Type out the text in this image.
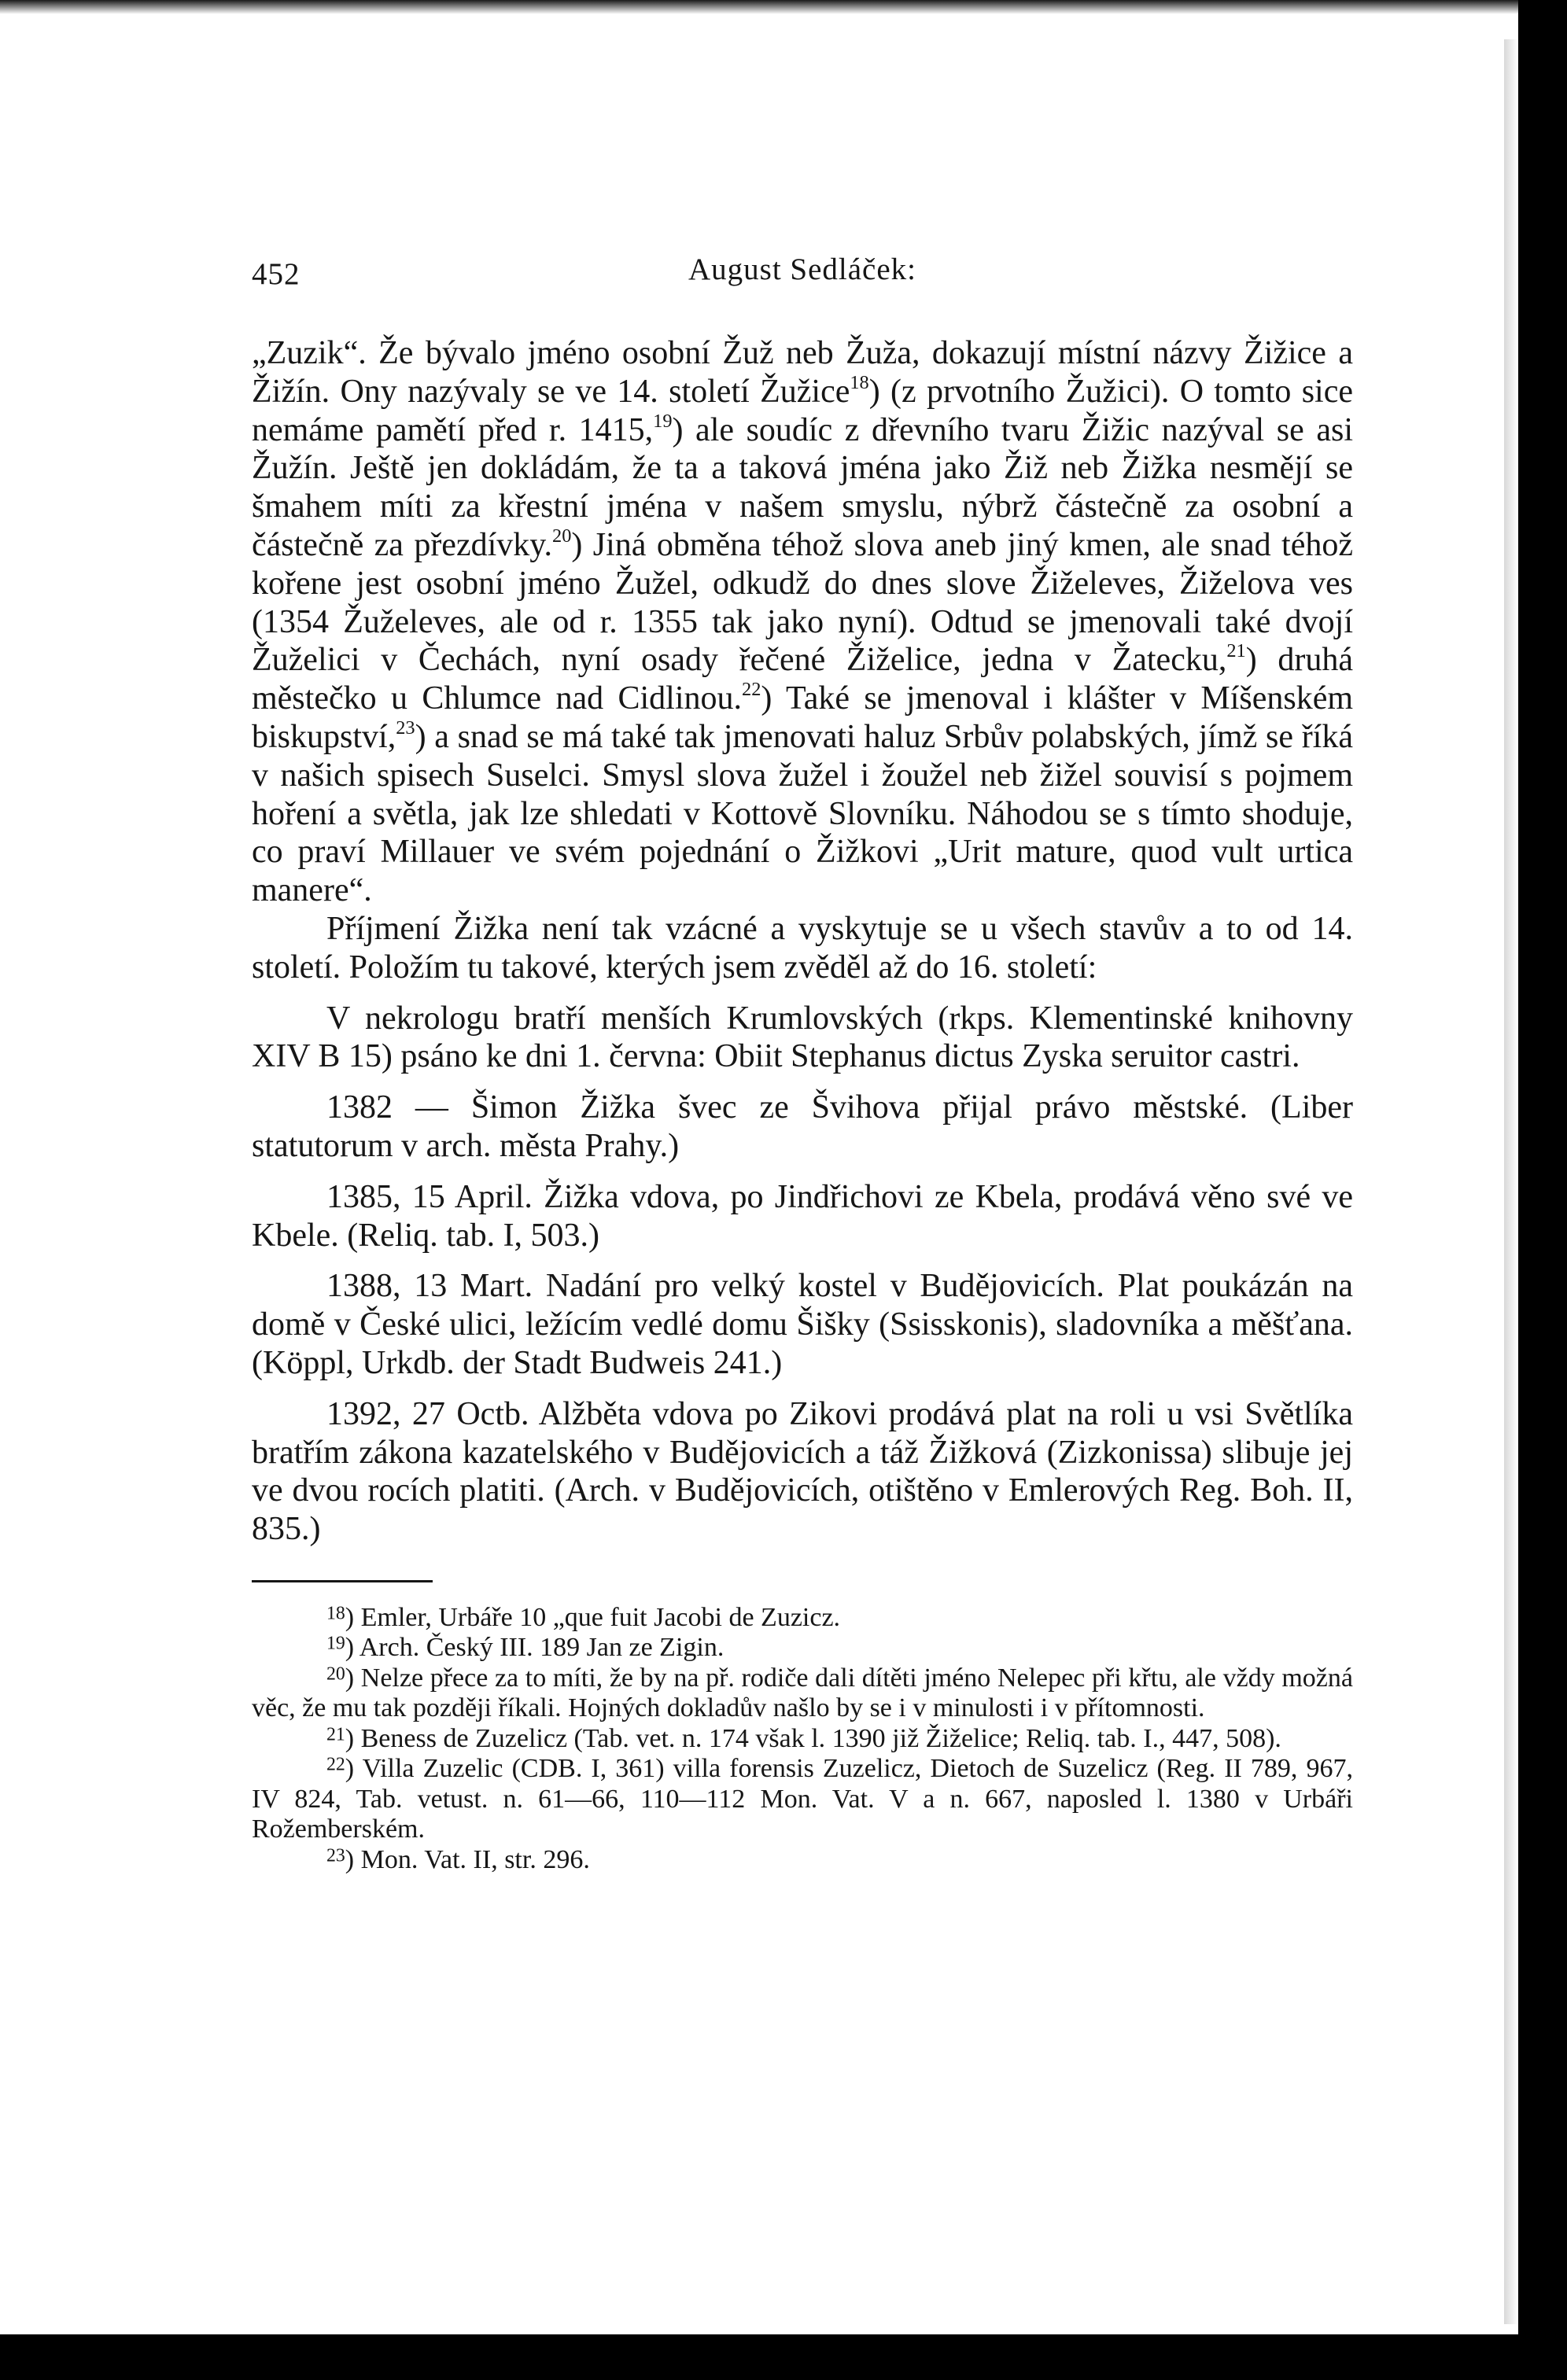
452	August Sedláček:

„Zuzik“. Že bývalo jméno osobní Žuž neb Žuža, dokazují místní názvy Žižice a Žižín. Ony nazývaly se ve 14. století Žužice$^{18}$) (z prvotního Žužici). O tomto sice nemáme pamětí před r. 1415,19) ale soudíc z dřevního tvaru Žižic nazýval se asi Žužín. Ještě jen dokládám, že ta a taková jména jako Žiž neb Žižka nesmějí se šmahem míti za křestní jména v našem smyslu, nýbrž částečně za osobní a částečně za přezdívky.$^{20}$) Jiná obměna téhož slova aneb jiný kmen, ale snad téhož kořene jest osobní jméno Žužel, odkudž do dnes slove Žiželeves, Žiželova ves (1354 Žuželeves, ale od r. 1355 tak jako nyní). Odtud se jmenovali také dvojí Žuželici v Čechách, nyní osady řečené Žiželice, jedna v Žatecku,$^{21}$) druhá městečko u Chlumce nad Cidlinou.$^{22}$) Také se jmenoval i klášter v Míšenském biskupství,$^{23}$) a snad se má také tak jmenovati haluz Srbův polabských, jímž se říká v našich spisech Suselci. Smysl slova žužel i žoužel neb žižel souvisí s pojmem hoření a světla, jak lze shledati v Kottově Slovníku. Náhodou se s tímto shoduje, co praví Millauer ve svém pojednání o Žižkovi „Urit mature, quod vult urtica manere“.

Příjmení Žižka není tak vzácné a vyskytuje se u všech stavův a to od 14. století. Položím tu takové, kterých jsem zvěděl až do 16. století:

V nekrologu bratří menších Krumlovských (rkps. Klementinské knihovny XIV B 15) psáno ke dni 1. června: Obiit Stephanus dictus Zyska seruitor castri.

1382 — Šimon Žižka švec ze Švihova přijal právo městské. (Liber statutorum v arch. města Prahy.)

1385, 15 April. Žižka vdova, po Jindřichovi ze Kbela, prodává věno své ve Kbele. (Reliq. tab. I, 503.)

1388, 13 Mart. Nadání pro velký kostel v Budějovicích. Plat poukázán na domě v České ulici, ležícím vedlé domu Šišky (Ssisskonis), sladovníka a měšťana. (Köppl, Urkdb. der Stadt Budweis 241.)

1392, 27 Octb. Alžběta vdova po Zikovi prodává plat na roli u vsi Světlíka bratřím zákona kazatelského v Budějovicích a táž Žižková (Zizkonissa) slibuje jej ve dvou rocích platiti. (Arch. v Budějovicích, otištěno v Emlerových Reg. Boh. II, 835.)

$^{18}$) Emler, Urbáře 10 „que fuit Jacobi de Zuzicz.

$^{19}$) Arch. Český III. 189 Jan ze Zigin.

$^{20}$) Nelze přece za to míti, že by na př. rodiče dali dítěti jméno Nelepec při křtu, ale vždy možná věc, že mu tak později říkali. Hojných dokladův našlo by se i v minulosti i v přítomnosti.

$^{21}$) Beness de Zuzelicz (Tab. vet. n. 174 však l. 1390 již Žiželice; Reliq. tab. I., 447, 508).

$^{22}$) Villa Zuzelic (CDB. I, 361) villa forensis Zuzelicz, Dietoch de Suzelicz (Reg. II 789, 967, IV 824, Tab. vetust. n. 61—66, 110—112 Mon. Vat. V a n. 667, naposled l. 1380 v Urbáři Rožemberském.

$^{23}$) Mon. Vat. II, str. 296.
